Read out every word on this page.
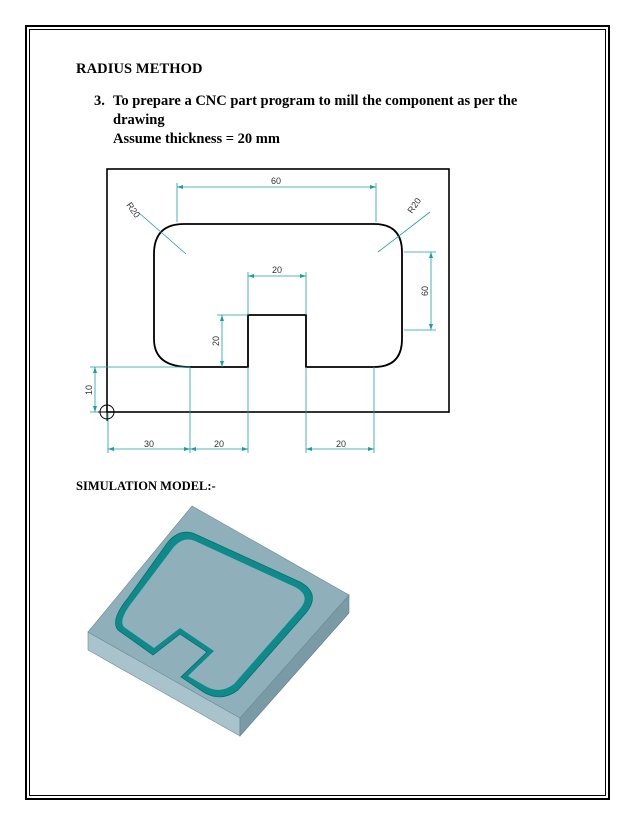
RADIUS METHOD
3. To prepare a CNC part program to mill the component as per the
drawing
Assume thickness = 20 mm
60
R20	R20
20
60
20
10
30	20	20
SIMULATION MODEL:-
